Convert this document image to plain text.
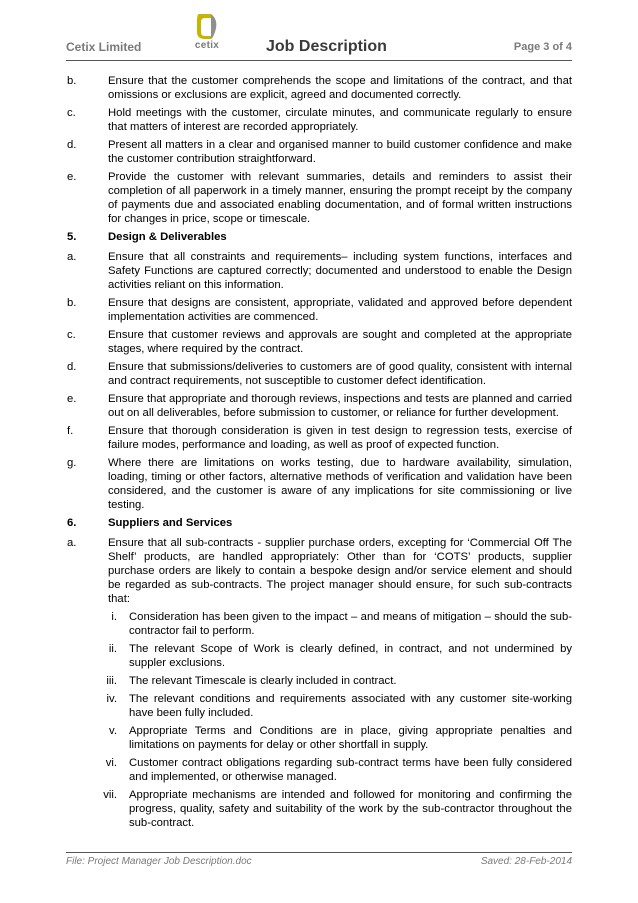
Cetix Limited	cetix	Job Description	Page 3 of 4
b.	Ensure that the customer comprehends the scope and limitations of the contract, and that omissions or exclusions are explicit, agreed and documented correctly.
c.	Hold meetings with the customer, circulate minutes, and communicate regularly to ensure that matters of interest are recorded appropriately.
d.	Present all matters in a clear and organised manner to build customer confidence and make the customer contribution straightforward.
e.	Provide the customer with relevant summaries, details and reminders to assist their completion of all paperwork in a timely manner, ensuring the prompt receipt by the company of payments due and associated enabling documentation, and of formal written instructions for changes in price, scope or timescale.
5.	Design & Deliverables
a.	Ensure that all constraints and requirements– including system functions, interfaces and Safety Functions are captured correctly; documented and understood to enable the Design activities reliant on this information.
b.	Ensure that designs are consistent, appropriate, validated and approved before dependent implementation activities are commenced.
c.	Ensure that customer reviews and approvals are sought and completed at the appropriate stages, where required by the contract.
d.	Ensure that submissions/deliveries to customers are of good quality, consistent with internal and contract requirements, not susceptible to customer defect identification.
e.	Ensure that appropriate and thorough reviews, inspections and tests are planned and carried out on all deliverables, before submission to customer, or reliance for further development.
f.	Ensure that thorough consideration is given in test design to regression tests, exercise of failure modes, performance and loading, as well as proof of expected function.
g.	Where there are limitations on works testing, due to hardware availability, simulation, loading, timing or other factors, alternative methods of verification and validation have been considered, and the customer is aware of any implications for site commissioning or live testing.
6.	Suppliers and Services
a.	Ensure that all sub-contracts - supplier purchase orders, excepting for ‘Commercial Off The Shelf’ products, are handled appropriately: Other than for ‘COTS’ products, supplier purchase orders are likely to contain a bespoke design and/or service element and should be regarded as sub-contracts. The project manager should ensure, for such sub-contracts that:
i.	Consideration has been given to the impact – and means of mitigation – should the sub-contractor fail to perform.
ii.	The relevant Scope of Work is clearly defined, in contract, and not undermined by suppler exclusions.
iii.	The relevant Timescale is clearly included in contract.
iv.	The relevant conditions and requirements associated with any customer site-working have been fully included.
v.	Appropriate Terms and Conditions are in place, giving appropriate penalties and limitations on payments for delay or other shortfall in supply.
vi.	Customer contract obligations regarding sub-contract terms have been fully considered and implemented, or otherwise managed.
vii.	Appropriate mechanisms are intended and followed for monitoring and confirming the progress, quality, safety and suitability of the work by the sub-contractor throughout the sub-contract.
File: Project Manager Job Description.doc	Saved: 28-Feb-2014
